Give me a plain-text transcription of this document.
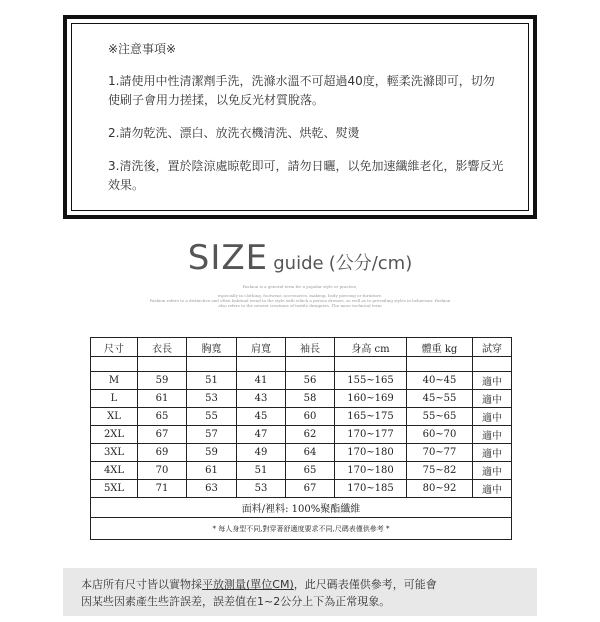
※注意事項※
1.請使用中性清潔劑手洗，洗滌水溫不可超過40度，輕柔洗滌即可，切勿使刷子會用力搓揉，以免反光材質脫落。
2.請勿乾洗、漂白、放洗衣機清洗、烘乾、熨燙
3.清洗後，置於陰涼處晾乾即可，請勿日曬，以免加速纖維老化，影響反光效果。
SIZE guide (公分/cm)
Fashion is a general term for a popular style or practice,
especially in clothing, footwear, accessories, makeup, body piercing or furniture.
Fashion refers to a distinctive and often habitual trend in the style with which a person dresses, as well as to prevailing styles in behaviour. Fashion
also refers to the newest creations of textile designers. The more technical term
尺寸	衣長	胸寬	肩寬	袖長	身高 cm	體重 kg	試穿

M	59	51	41	56	155~165	40~45	適中
L	61	53	43	58	160~169	45~55	適中
XL	65	55	45	60	165~175	55~65	適中
2XL	67	57	47	62	170~177	60~70	適中
3XL	69	59	49	64	170~180	70~77	適中
4XL	70	61	51	65	170~180	75~82	適中
5XL	71	63	53	67	170~185	80~92	適中
面料/裡料: 100%聚酯纖維							
* 每人身型不同,對穿著舒適度要求不同,尺碼表僅供參考 *							
本店所有尺寸皆以實物採平放測量(單位CM)，此尺碼表僅供參考，可能會
因某些因素產生些許誤差，誤差值在1~2公分上下為正常現象。
